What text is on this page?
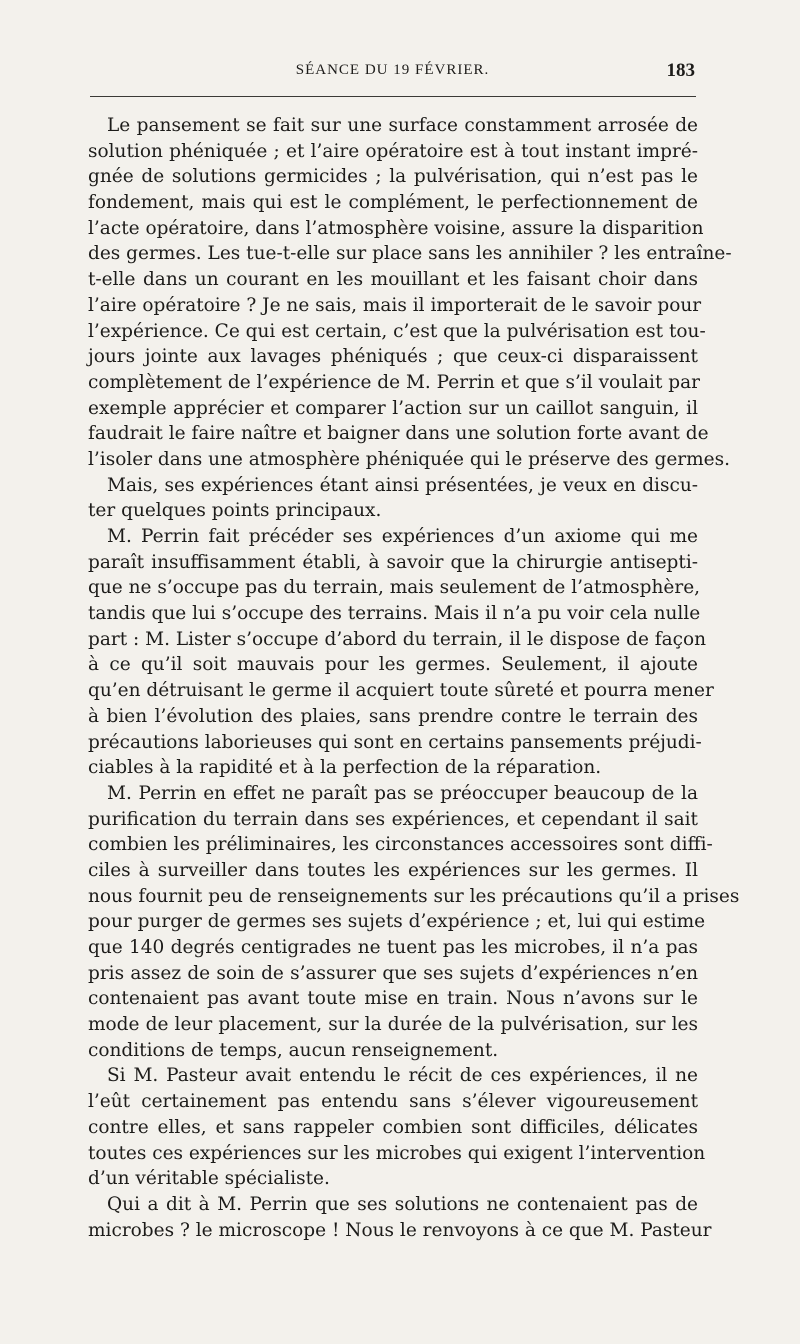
SÉANCE DU 19 FÉVRIER.	183
Le pansement se fait sur une surface constamment arrosée de
solution phéniquée ; et l’aire opératoire est à tout instant impré-
gnée de solutions germicides ; la pulvérisation, qui n’est pas le
fondement, mais qui est le complément, le perfectionnement de
l’acte opératoire, dans l’atmosphère voisine, assure la disparition
des germes. Les tue-t-elle sur place sans les annihiler ? les entraîne-
t-elle dans un courant en les mouillant et les faisant choir dans
l’aire opératoire ? Je ne sais, mais il importerait de le savoir pour
l’expérience. Ce qui est certain, c’est que la pulvérisation est tou-
jours jointe aux lavages phéniqués ; que ceux-ci disparaissent
complètement de l’expérience de M. Perrin et que s’il voulait par
exemple apprécier et comparer l’action sur un caillot sanguin, il
faudrait le faire naître et baigner dans une solution forte avant de
l’isoler dans une atmosphère phéniquée qui le préserve des germes.
Mais, ses expériences étant ainsi présentées, je veux en discu-
ter quelques points principaux.
M. Perrin fait précéder ses expériences d’un axiome qui me
paraît insuffisamment établi, à savoir que la chirurgie antisepti-
que ne s’occupe pas du terrain, mais seulement de l’atmosphère,
tandis que lui s’occupe des terrains. Mais il n’a pu voir cela nulle
part : M. Lister s’occupe d’abord du terrain, il le dispose de façon
à ce qu’il soit mauvais pour les germes. Seulement, il ajoute
qu’en détruisant le germe il acquiert toute sûreté et pourra mener
à bien l’évolution des plaies, sans prendre contre le terrain des
précautions laborieuses qui sont en certains pansements préjudi-
ciables à la rapidité et à la perfection de la réparation.
M. Perrin en effet ne paraît pas se préoccuper beaucoup de la
purification du terrain dans ses expériences, et cependant il sait
combien les préliminaires, les circonstances accessoires sont diffi-
ciles à surveiller dans toutes les expériences sur les germes. Il
nous fournit peu de renseignements sur les précautions qu’il a prises
pour purger de germes ses sujets d’expérience ; et, lui qui estime
que 140 degrés centigrades ne tuent pas les microbes, il n’a pas
pris assez de soin de s’assurer que ses sujets d’expériences n’en
contenaient pas avant toute mise en train. Nous n’avons sur le
mode de leur placement, sur la durée de la pulvérisation, sur les
conditions de temps, aucun renseignement.
Si M. Pasteur avait entendu le récit de ces expériences, il ne
l’eût certainement pas entendu sans s’élever vigoureusement
contre elles, et sans rappeler combien sont difficiles, délicates
toutes ces expériences sur les microbes qui exigent l’intervention
d’un véritable spécialiste.
Qui a dit à M. Perrin que ses solutions ne contenaient pas de
microbes ? le microscope ! Nous le renvoyons à ce que M. Pasteur
